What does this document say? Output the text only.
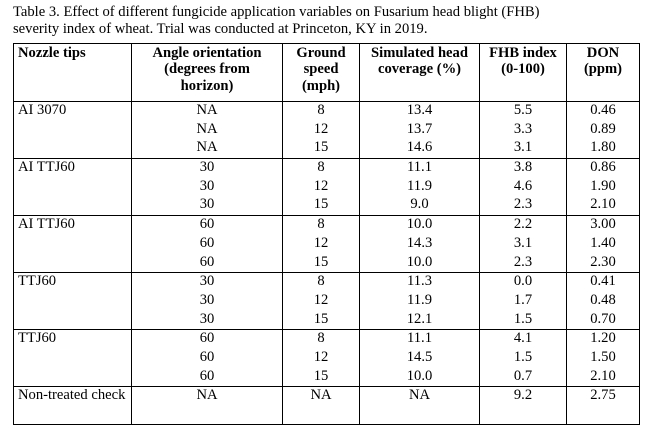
Table 3. Effect of different fungicide application variables on Fusarium head blight (FHB)
severity index of wheat. Trial was conducted at Princeton, KY in 2019.
Nozzle tips	Angle orientation (degrees from horizon)	Ground speed (mph)	Simulated head coverage (%)	FHB index (0-100)	DON (ppm)
AI 3070	NA	8	13.4	5.5	0.46
	NA	12	13.7	3.3	0.89
	NA	15	14.6	3.1	1.80
AI TTJ60	30	8	11.1	3.8	0.86
	30	12	11.9	4.6	1.90
	30	15	9.0	2.3	2.10
AI TTJ60	60	8	10.0	2.2	3.00
	60	12	14.3	3.1	1.40
	60	15	10.0	2.3	2.30
TTJ60	30	8	11.3	0.0	0.41
	30	12	11.9	1.7	0.48
	30	15	12.1	1.5	0.70
TTJ60	60	8	11.1	4.1	1.20
	60	12	14.5	1.5	1.50
	60	15	10.0	0.7	2.10
Non-treated check	NA	NA	NA	9.2	2.75
